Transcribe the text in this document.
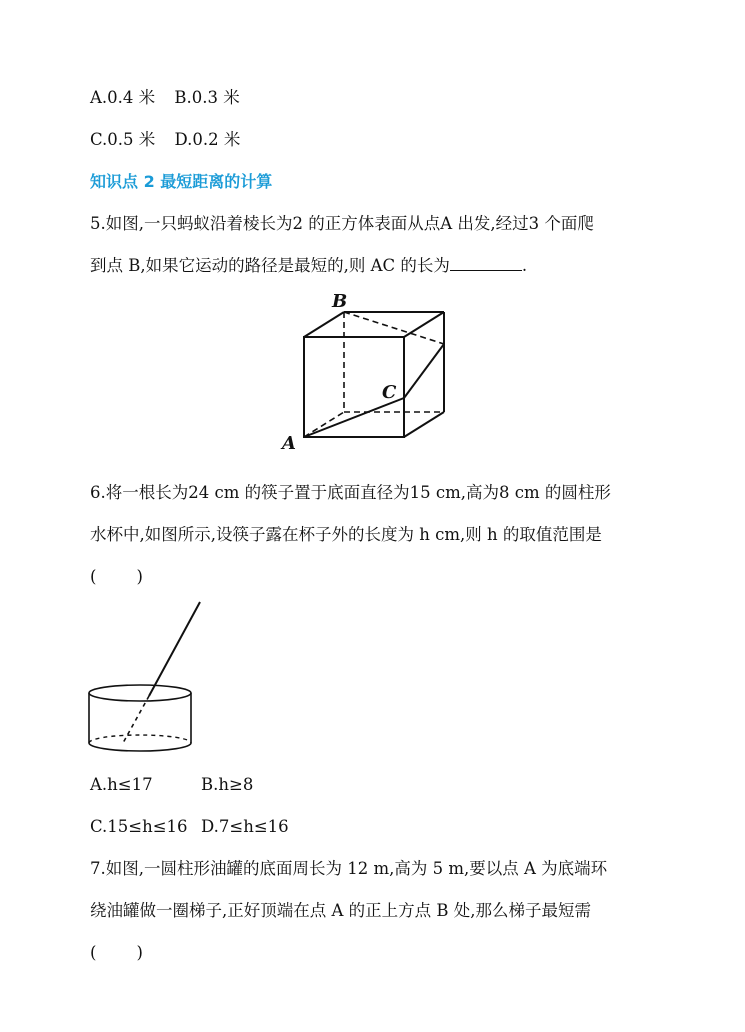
A.0.4 米 B.0.3 米
C.0.5 米 D.0.2 米
知识点 2 最短距离的计算
5.如图,一只蚂蚁沿着棱长为2 的正方体表面从点A 出发,经过3 个面爬
到点 B,如果它运动的路径是最短的,则 AC 的长为	.
B
C
A
6.将一根长为24 cm 的筷子置于底面直径为15 cm,高为8 cm 的圆柱形
水杯中,如图所示,设筷子露在杯子外的长度为 h cm,则 h 的取值范围是
( )
A.h≤17	B.h≥8
C.15≤h≤16 D.7≤h≤16
7.如图,一圆柱形油罐的底面周长为 12 m,高为 5 m,要以点 A 为底端环
绕油罐做一圈梯子,正好顶端在点 A 的正上方点 B 处,那么梯子最短需
( )
